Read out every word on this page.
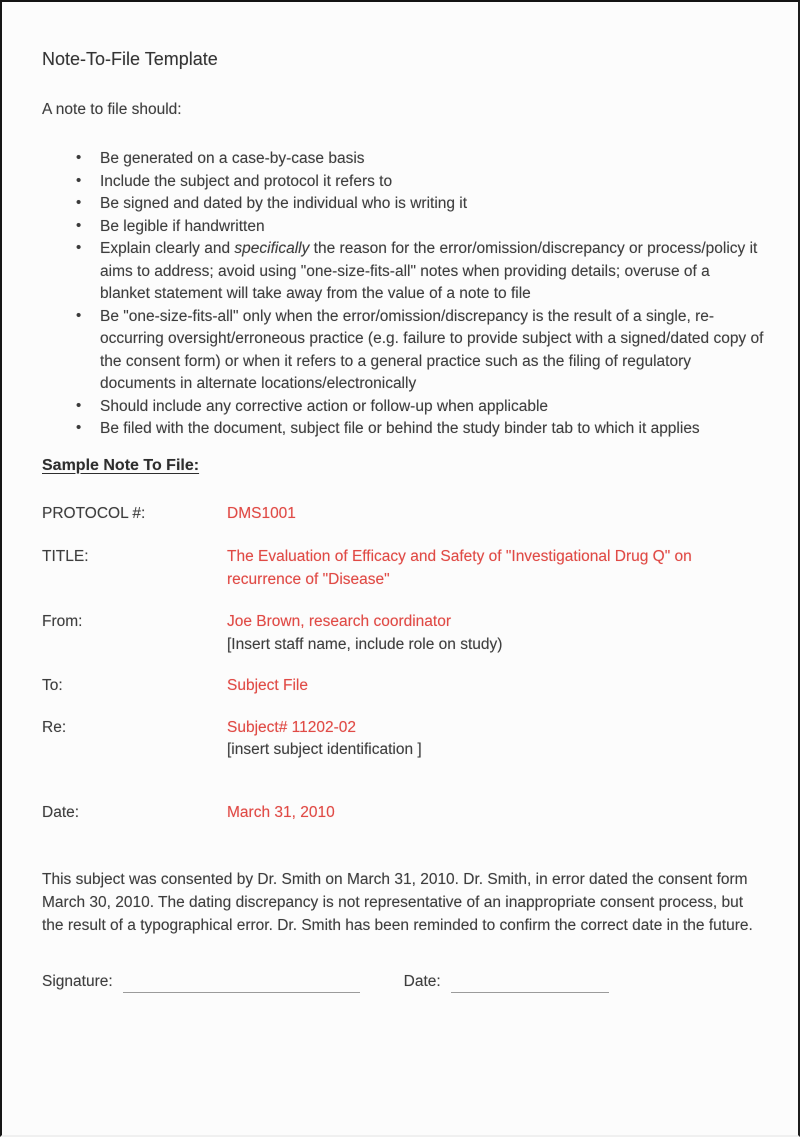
Note-To-File Template
A note to file should:
• Be generated on a case-by-case basis
• Include the subject and protocol it refers to
• Be signed and dated by the individual who is writing it
• Be legible if handwritten
• Explain clearly and specifically the reason for the error/omission/discrepancy or process/policy it aims to address; avoid using "one-size-fits-all" notes when providing details; overuse of a blanket statement will take away from the value of a note to file
• Be "one-size-fits-all" only when the error/omission/discrepancy is the result of a single, re-occurring oversight/erroneous practice (e.g. failure to provide subject with a signed/dated copy of the consent form) or when it refers to a general practice such as the filing of regulatory documents in alternate locations/electronically
• Should include any corrective action or follow-up when applicable
• Be filed with the document, subject file or behind the study binder tab to which it applies
Sample Note To File:
PROTOCOL #:	DMS1001
TITLE:	The Evaluation of Efficacy and Safety of "Investigational Drug Q" on recurrence of "Disease"
From:	Joe Brown, research coordinator
[Insert staff name, include role on study)
To:	Subject File
Re:	Subject# 11202-02
[insert subject identification ]
Date:	March 31, 2010
This subject was consented by Dr. Smith on March 31, 2010. Dr. Smith, in error dated the consent form March 30, 2010. The dating discrepancy is not representative of an inappropriate consent process, but the result of a typographical error. Dr. Smith has been reminded to confirm the correct date in the future.
Signature:	Date:
